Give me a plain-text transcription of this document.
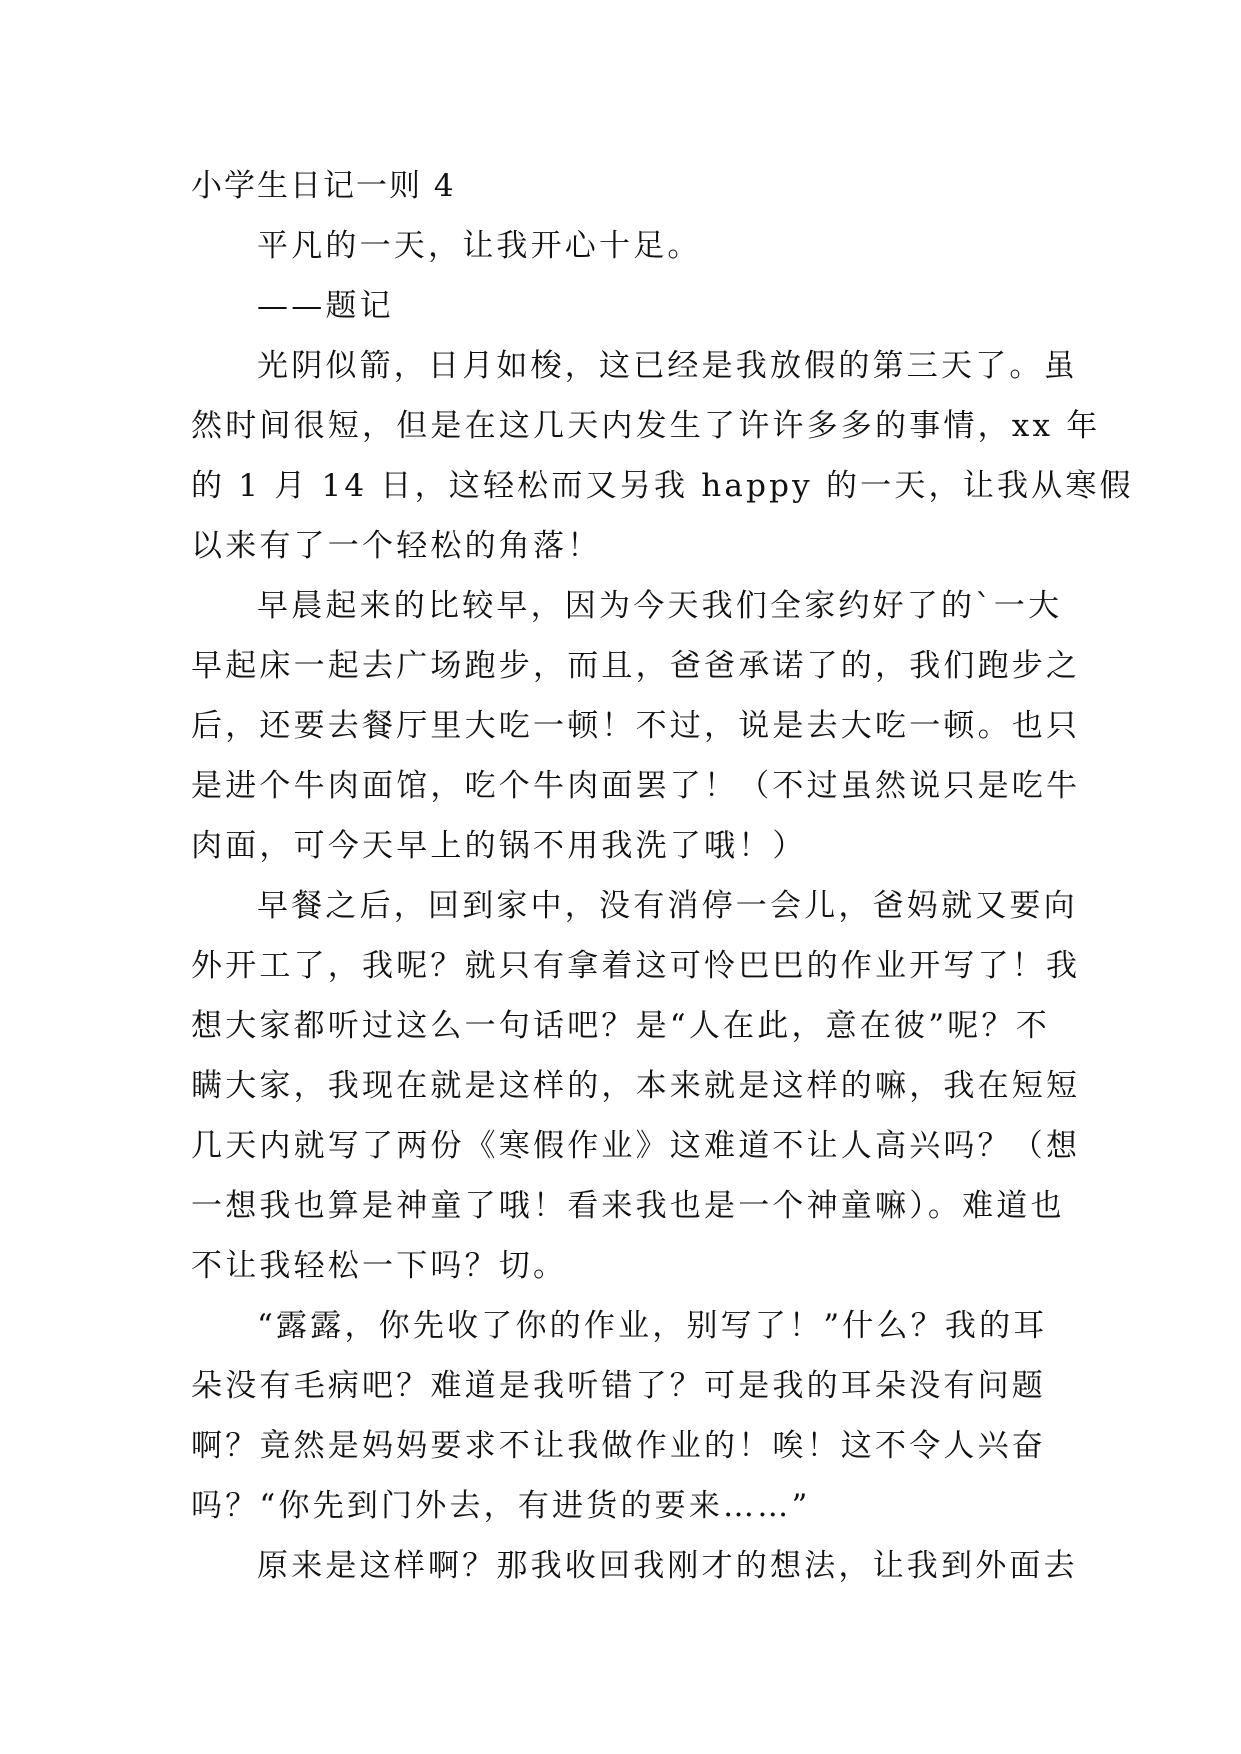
小学生日记一则 4
平凡的一天，让我开心十足。
——题记
光阴似箭，日月如梭，这已经是我放假的第三天了。虽
然时间很短，但是在这几天内发生了许许多多的事情，xx 年
的 1 月 14 日，这轻松而又另我 happy 的一天，让我从寒假
以来有了一个轻松的角落！
早晨起来的比较早，因为今天我们全家约好了的`一大
早起床一起去广场跑步，而且，爸爸承诺了的，我们跑步之
后，还要去餐厅里大吃一顿！不过，说是去大吃一顿。也只
是进个牛肉面馆，吃个牛肉面罢了！（不过虽然说只是吃牛
肉面，可今天早上的锅不用我洗了哦！）
早餐之后，回到家中，没有消停一会儿，爸妈就又要向
外开工了，我呢？就只有拿着这可怜巴巴的作业开写了！我
想大家都听过这么一句话吧？是“人在此，意在彼”呢？不
瞒大家，我现在就是这样的，本来就是这样的嘛，我在短短
几天内就写了两份《寒假作业》这难道不让人高兴吗？（想
一想我也算是神童了哦！看来我也是一个神童嘛）。难道也
不让我轻松一下吗？切。
“露露，你先收了你的作业，别写了！”什么？我的耳
朵没有毛病吧？难道是我听错了？可是我的耳朵没有问题
啊？竟然是妈妈要求不让我做作业的！唉！这不令人兴奋
吗？“你先到门外去，有进货的要来……”
原来是这样啊？那我收回我刚才的想法，让我到外面去
